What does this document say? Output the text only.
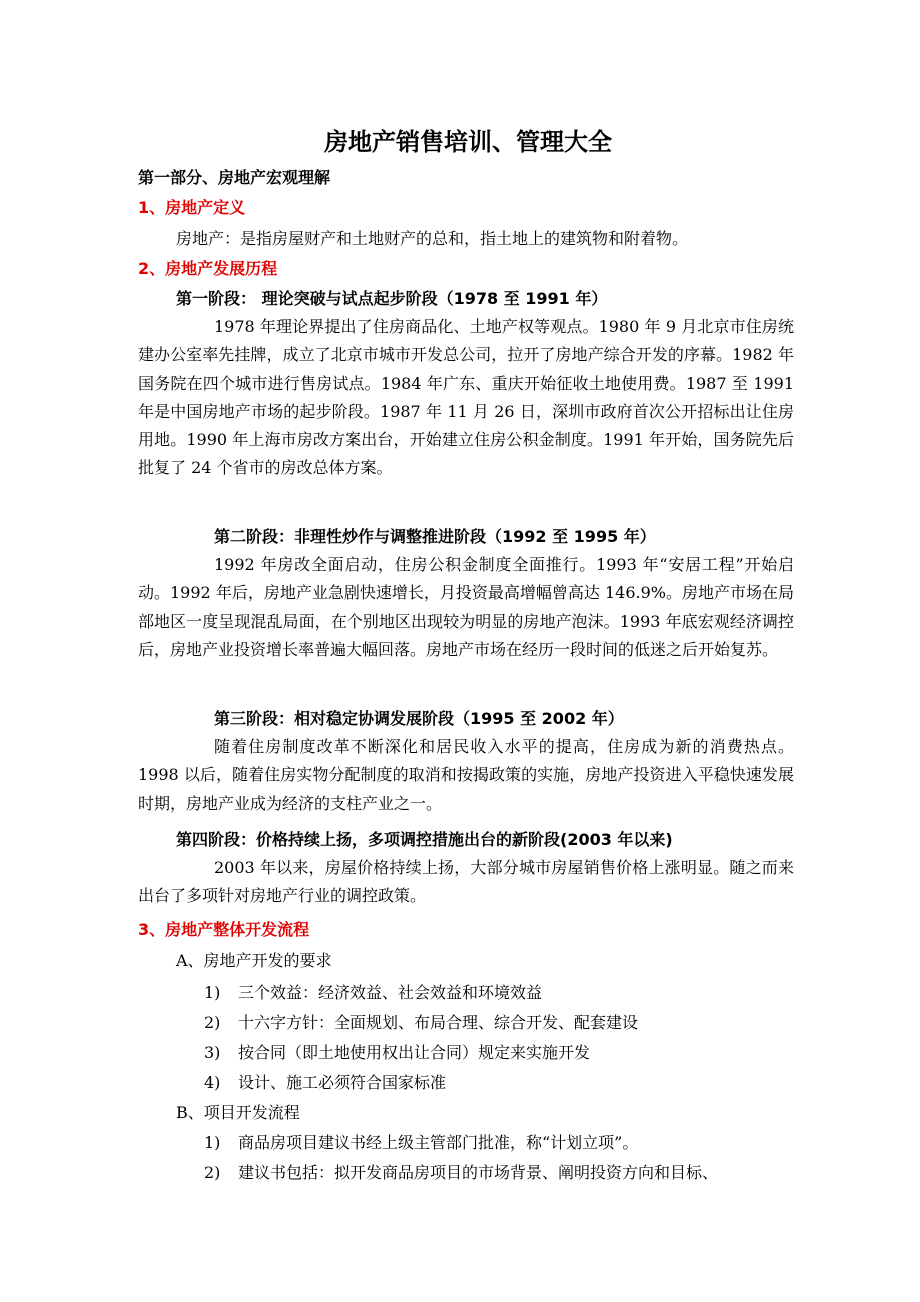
房地产销售培训、管理大全
第一部分、房地产宏观理解
1、房地产定义
房地产：是指房屋财产和土地财产的总和，指土地上的建筑物和附着物。
2、房地产发展历程
第一阶段： 理论突破与试点起步阶段（1978 至 1991 年）
1978 年理论界提出了住房商品化、土地产权等观点。1980 年 9 月北京市住房统建办公室率先挂牌，成立了北京市城市开发总公司，拉开了房地产综合开发的序幕。1982 年国务院在四个城市进行售房试点。1984 年广东、重庆开始征收土地使用费。1987 至 1991 年是中国房地产市场的起步阶段。1987 年 11 月 26 日，深圳市政府首次公开招标出让住房用地。1990 年上海市房改方案出台，开始建立住房公积金制度。1991 年开始，国务院先后批复了 24 个省市的房改总体方案。
第二阶段：非理性炒作与调整推进阶段（1992 至 1995 年）
1992 年房改全面启动，住房公积金制度全面推行。1993 年“安居工程”开始启动。1992 年后，房地产业急剧快速增长，月投资最高增幅曾高达 146.9%。房地产市场在局部地区一度呈现混乱局面，在个别地区出现较为明显的房地产泡沫。1993 年底宏观经济调控后，房地产业投资增长率普遍大幅回落。房地产市场在经历一段时间的低迷之后开始复苏。
第三阶段：相对稳定协调发展阶段（1995 至 2002 年）
随着住房制度改革不断深化和居民收入水平的提高，住房成为新的消费热点。1998 以后，随着住房实物分配制度的取消和按揭政策的实施，房地产投资进入平稳快速发展时期，房地产业成为经济的支柱产业之一。
第四阶段：价格持续上扬，多项调控措施出台的新阶段(2003 年以来)
2003 年以来，房屋价格持续上扬，大部分城市房屋销售价格上涨明显。随之而来出台了多项针对房地产行业的调控政策。
3、房地产整体开发流程
A、房地产开发的要求
1) 三个效益：经济效益、社会效益和环境效益
2) 十六字方针：全面规划、布局合理、综合开发、配套建设
3) 按合同（即土地使用权出让合同）规定来实施开发
4) 设计、施工必须符合国家标准
B、项目开发流程
1) 商品房项目建议书经上级主管部门批准，称“计划立项”。
2) 建议书包括：拟开发商品房项目的市场背景、阐明投资方向和目标、
